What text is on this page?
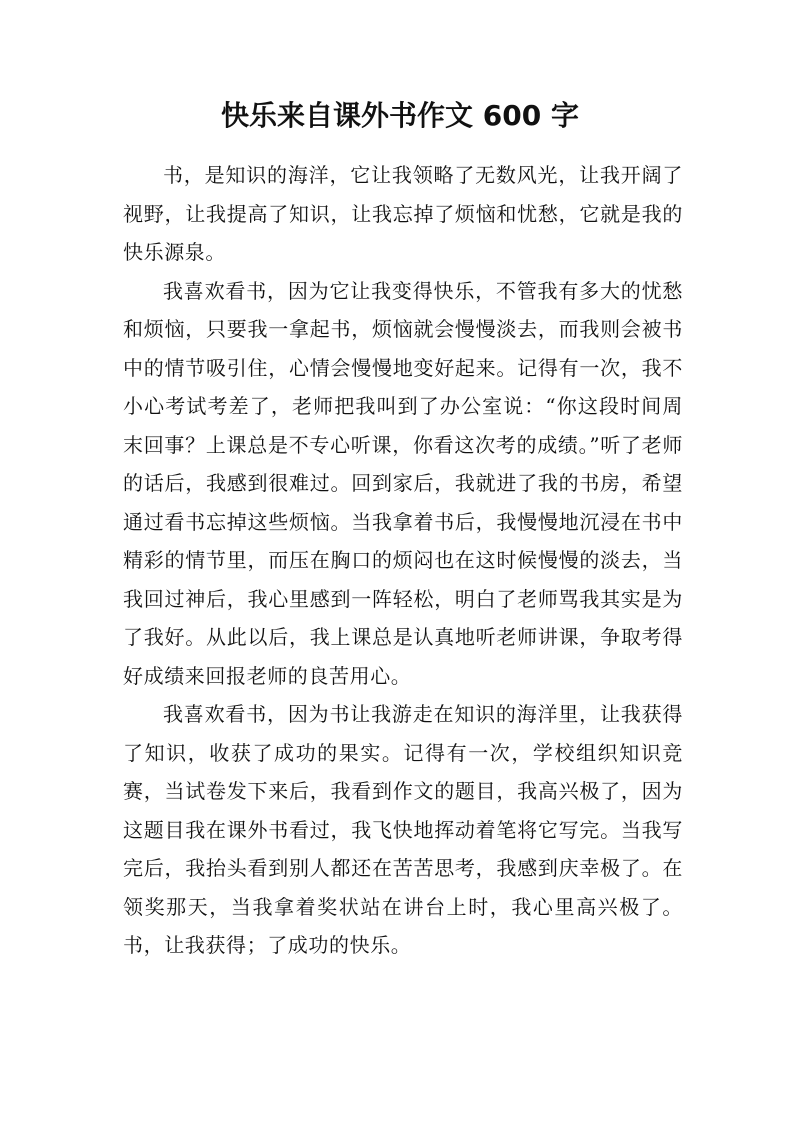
快乐来自课外书作文 600 字

书，是知识的海洋，它让我领略了无数风光，让我开阔了视野，让我提高了知识，让我忘掉了烦恼和忧愁，它就是我的快乐源泉。

我喜欢看书，因为它让我变得快乐，不管我有多大的忧愁和烦恼，只要我一拿起书，烦恼就会慢慢淡去，而我则会被书中的情节吸引住，心情会慢慢地变好起来。记得有一次，我不小心考试考差了，老师把我叫到了办公室说：“你这段时间周末回事？上课总是不专心听课，你看这次考的成绩。”听了老师的话后，我感到很难过。回到家后，我就进了我的书房，希望通过看书忘掉这些烦恼。当我拿着书后，我慢慢地沉浸在书中精彩的情节里，而压在胸口的烦闷也在这时候慢慢的淡去，当我回过神后，我心里感到一阵轻松，明白了老师骂我其实是为了我好。从此以后，我上课总是认真地听老师讲课，争取考得好成绩来回报老师的良苦用心。

我喜欢看书，因为书让我游走在知识的海洋里，让我获得了知识，收获了成功的果实。记得有一次，学校组织知识竞赛，当试卷发下来后，我看到作文的题目，我高兴极了，因为这题目我在课外书看过，我飞快地挥动着笔将它写完。当我写完后，我抬头看到别人都还在苦苦思考，我感到庆幸极了。在领奖那天，当我拿着奖状站在讲台上时，我心里高兴极了。书，让我获得；了成功的快乐。
